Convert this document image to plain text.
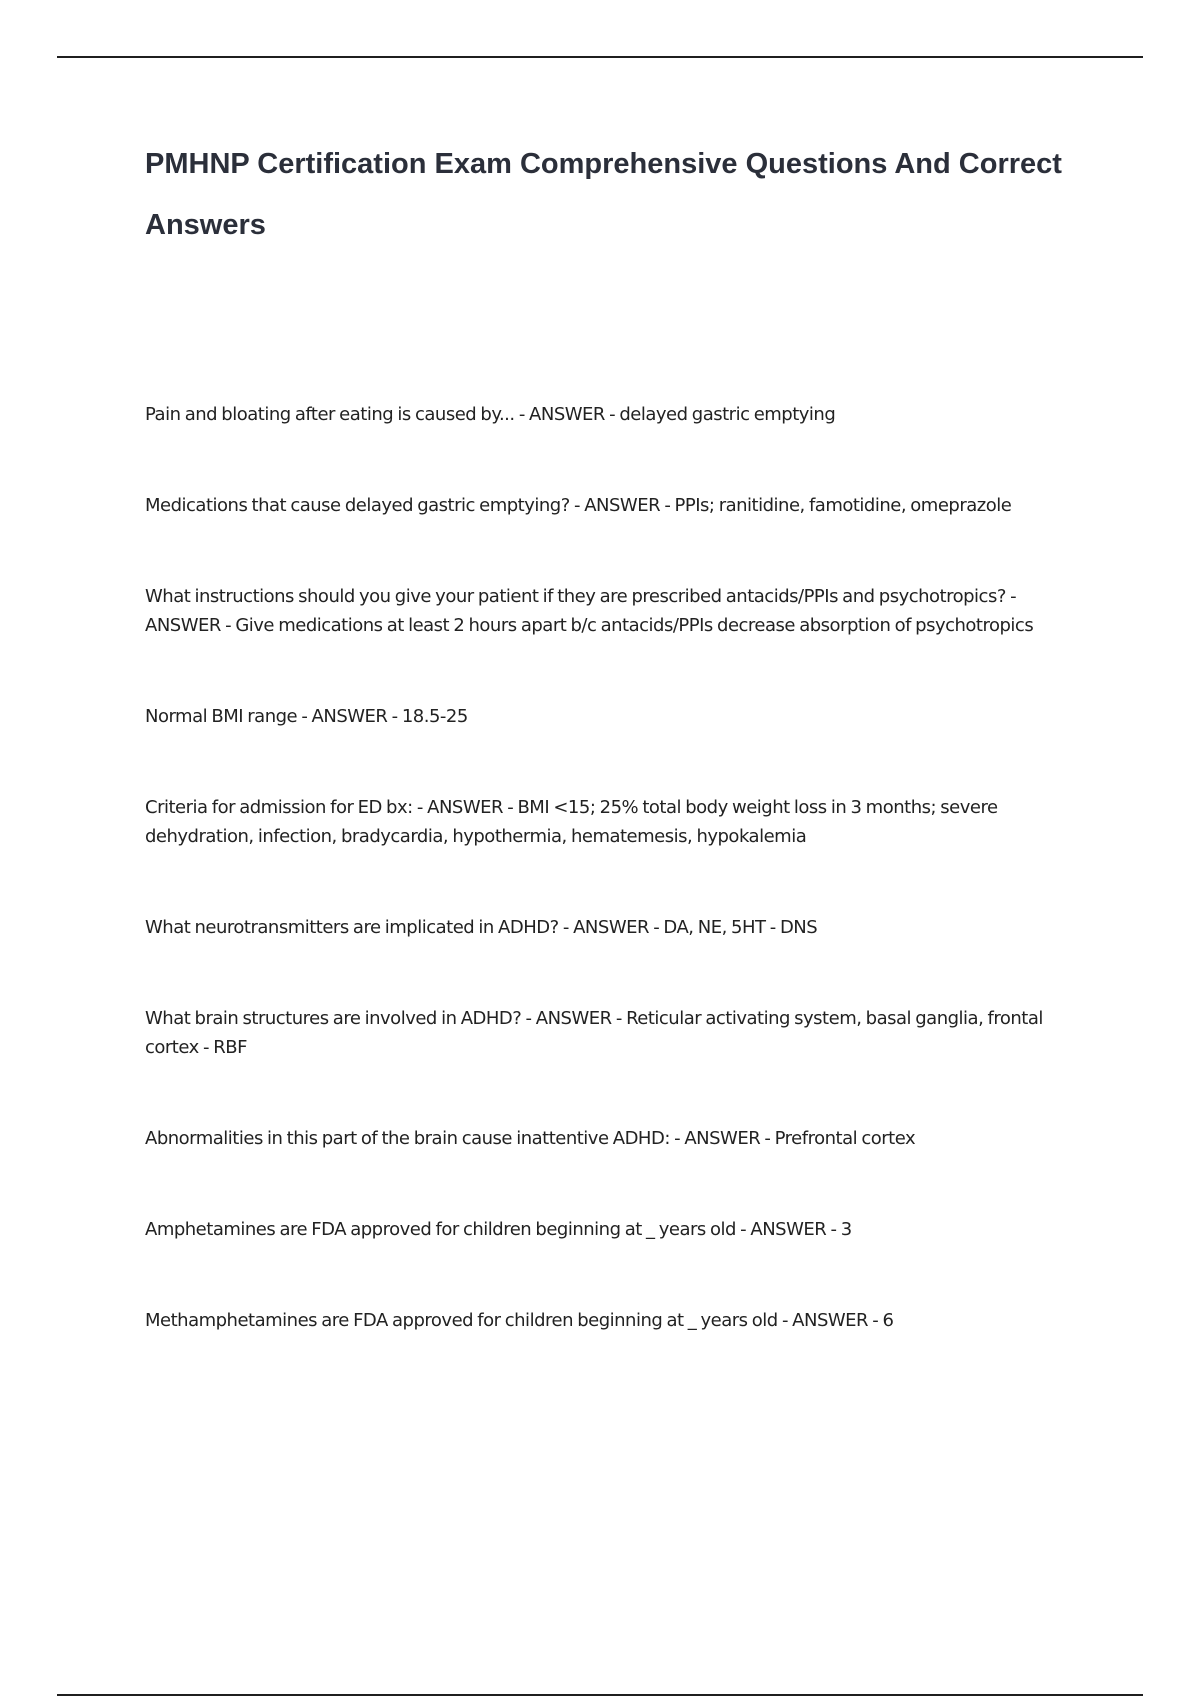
PMHNP Certification Exam Comprehensive Questions And Correct Answers
Pain and bloating after eating is caused by... - ANSWER - delayed gastric emptying
Medications that cause delayed gastric emptying? - ANSWER - PPIs; ranitidine, famotidine, omeprazole
What instructions should you give your patient if they are prescribed antacids/PPIs and psychotropics? - ANSWER - Give medications at least 2 hours apart b/c antacids/PPIs decrease absorption of psychotropics
Normal BMI range - ANSWER - 18.5-25
Criteria for admission for ED bx: - ANSWER - BMI <15; 25% total body weight loss in 3 months; severe dehydration, infection, bradycardia, hypothermia, hematemesis, hypokalemia
What neurotransmitters are implicated in ADHD? - ANSWER - DA, NE, 5HT - DNS
What brain structures are involved in ADHD? - ANSWER - Reticular activating system, basal ganglia, frontal cortex - RBF
Abnormalities in this part of the brain cause inattentive ADHD: - ANSWER - Prefrontal cortex
Amphetamines are FDA approved for children beginning at _ years old - ANSWER - 3
Methamphetamines are FDA approved for children beginning at _ years old - ANSWER - 6
